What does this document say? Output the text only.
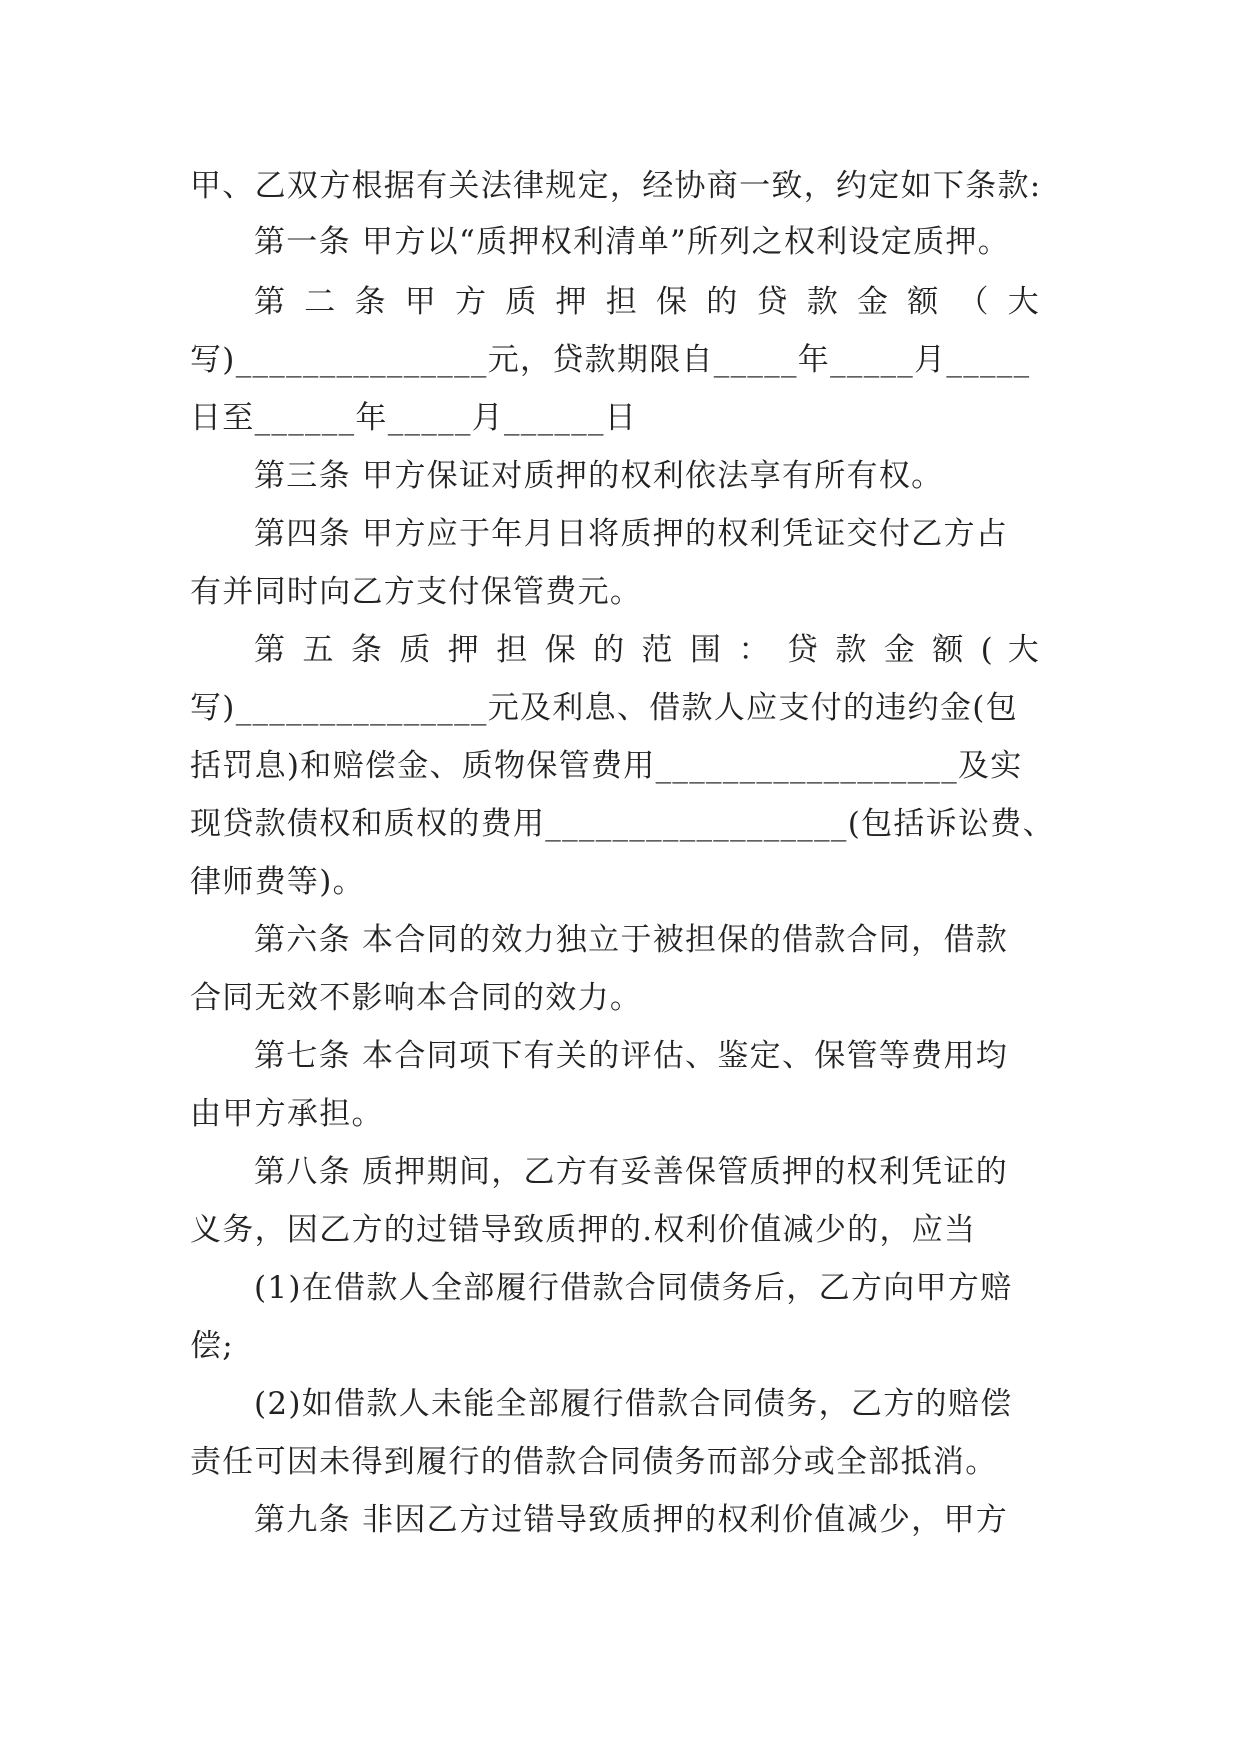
甲、乙双方根据有关法律规定，经协商一致，约定如下条款:
第一条 甲方以“质押权利清单”所列之权利设定质押。
第 二 条 甲 方 质 押 担 保 的 贷 款 金 额 （ 大
写)_______________元，贷款期限自_____年_____月_____
日至______年_____月______日
第三条 甲方保证对质押的权利依法享有所有权。
第四条 甲方应于年月日将质押的权利凭证交付乙方占
有并同时向乙方支付保管费元。
第 五 条 质 押 担 保 的 范 围 ： 贷 款 金 额 ( 大
写)_______________元及利息、借款人应支付的违约金(包
括罚息)和赔偿金、质物保管费用__________________及实
现贷款债权和质权的费用__________________(包括诉讼费、
律师费等)。
第六条 本合同的效力独立于被担保的借款合同，借款
合同无效不影响本合同的效力。
第七条 本合同项下有关的评估、鉴定、保管等费用均
由甲方承担。
第八条 质押期间，乙方有妥善保管质押的权利凭证的
义务，因乙方的过错导致质押的.权利价值减少的，应当
(1)在借款人全部履行借款合同债务后，乙方向甲方赔
偿;
(2)如借款人未能全部履行借款合同债务，乙方的赔偿
责任可因未得到履行的借款合同债务而部分或全部抵消。
第九条 非因乙方过错导致质押的权利价值减少，甲方
